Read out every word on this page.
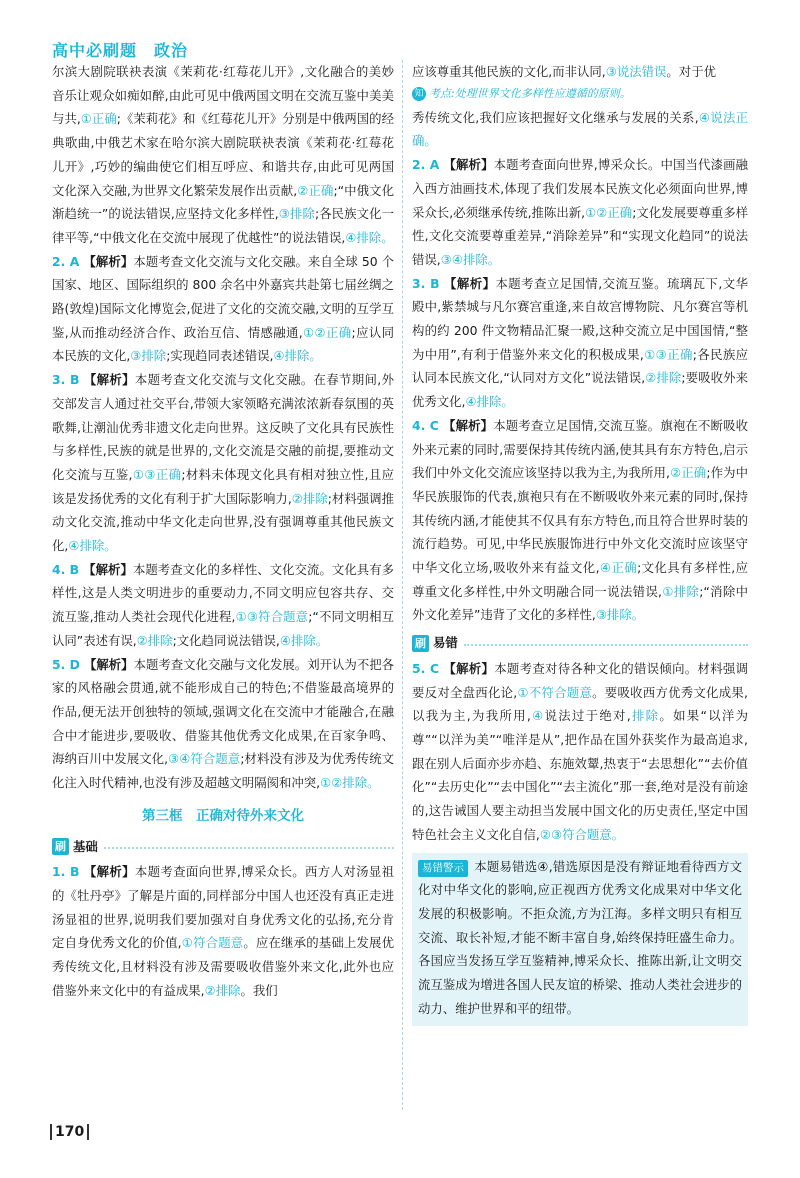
高中必刷题　政治

尔滨大剧院联袂表演《茉莉花·红莓花儿开》,文化融合的美妙音乐让观众如痴如醉,由此可见中俄两国文明在交流互鉴中美美与共,①正确;《茉莉花》和《红莓花儿开》分别是中俄两国的经典歌曲,中俄艺术家在哈尔滨大剧院联袂表演《茉莉花·红莓花儿开》,巧妙的编曲使它们相互呼应、和谐共存,由此可见两国文化深入交融,为世界文化繁荣发展作出贡献,②正确;“中俄文化渐趋统一”的说法错误,应坚持文化多样性,③排除;各民族文化一律平等,“中俄文化在交流中展现了优越性”的说法错误,④排除。

2. A 【解析】本题考查文化交流与文化交融。来自全球 50 个国家、地区、国际组织的 800 余名中外嘉宾共赴第七届丝绸之路(敦煌)国际文化博览会,促进了文化的交流交融,文明的互学互鉴,从而推动经济合作、政治互信、情感融通,①②正确;应认同本民族的文化,③排除;实现趋同表述错误,④排除。

3. B 【解析】本题考查文化交流与文化交融。在春节期间,外交部发言人通过社交平台,带领大家领略充满浓浓新春氛围的英歌舞,让潮汕优秀非遗文化走向世界。这反映了文化具有民族性与多样性,民族的就是世界的,文化交流是交融的前提,要推动文化交流与互鉴,①③正确;材料未体现文化具有相对独立性,且应该是发扬优秀的文化有利于扩大国际影响力,②排除;材料强调推动文化交流,推动中华文化走向世界,没有强调尊重其他民族文化,④排除。

4. B 【解析】本题考查文化的多样性、文化交流。文化具有多样性,这是人类文明进步的重要动力,不同文明应包容共存、交流互鉴,推动人类社会现代化进程,①③符合题意;“不同文明相互认同”表述有误,②排除;文化趋同说法错误,④排除。

5. D 【解析】本题考查文化交融与文化发展。刘开认为不把各家的风格融会贯通,就不能形成自己的特色;不借鉴最高境界的作品,便无法开创独特的领域,强调文化在交流中才能融合,在融合中才能进步,要吸收、借鉴其他优秀文化成果,在百家争鸣、海纳百川中发展文化,③④符合题意;材料没有涉及为优秀传统文化注入时代精神,也没有涉及超越文明隔阂和冲突,①②排除。

第三框　正确对待外来文化
刷 基础

1. B 【解析】本题考查面向世界,博采众长。西方人对汤显祖的《牡丹亭》了解是片面的,同样部分中国人也还没有真正走进汤显祖的世界,说明我们要加强对自身优秀文化的弘扬,充分肯定自身优秀文化的价值,①符合题意。应在继承的基础上发展优秀传统文化,且材料没有涉及需要吸收借鉴外来文化,此外也应借鉴外来文化中的有益成果,②排除。我们

应该尊重其他民族的文化,而非认同,③说法错误。对于优

知 考点:处理世界文化多样性应遵循的原则。

秀传统文化,我们应该把握好文化继承与发展的关系,④说法正确。

2. A 【解析】本题考查面向世界,博采众长。中国当代漆画融入西方油画技术,体现了我们发展本民族文化必须面向世界,博采众长,必须继承传统,推陈出新,①②正确;文化发展要尊重多样性,文化交流要尊重差异,“消除差异”和“实现文化趋同”的说法错误,③④排除。

3. B 【解析】本题考查立足国情,交流互鉴。琉璃瓦下,文华殿中,紫禁城与凡尔赛宫重逢,来自故宫博物院、凡尔赛宫等机构的约 200 件文物精品汇聚一殿,这种交流立足中国国情,“整为中用”,有利于借鉴外来文化的积极成果,①③正确;各民族应认同本民族文化,“认同对方文化”说法错误,②排除;要吸收外来优秀文化,④排除。

4. C 【解析】本题考查立足国情,交流互鉴。旗袍在不断吸收外来元素的同时,需要保持其传统内涵,使其具有东方特色,启示我们中外文化交流应该坚持以我为主,为我所用,②正确;作为中华民族服饰的代表,旗袍只有在不断吸收外来元素的同时,保持其传统内涵,才能使其不仅具有东方特色,而且符合世界时装的流行趋势。可见,中华民族服饰进行中外文化交流时应该坚守中华文化立场,吸收外来有益文化,④正确;文化具有多样性,应尊重文化多样性,中外文明融合同一说法错误,①排除;“消除中外文化差异”违背了文化的多样性,③排除。

刷 易错

5. C 【解析】本题考查对待各种文化的错误倾向。材料强调要反对全盘西化论,①不符合题意。要吸收西方优秀文化成果,以我为主,为我所用,④说法过于绝对,排除。如果“以洋为尊”“以洋为美”“唯洋是从”,把作品在国外获奖作为最高追求,跟在别人后面亦步亦趋、东施效颦,热衷于“去思想化”“去价值化”“去历史化”“去中国化”“去主流化”那一套,绝对是没有前途的,这告诫国人要主动担当发展中国文化的历史责任,坚定中国特色社会主义文化自信,②③符合题意。

易错警示 本题易错选④,错选原因是没有辩证地看待西方文化对中华文化的影响,应正视西方优秀文化成果对中华文化发展的积极影响。不拒众流,方为江海。多样文明只有相互交流、取长补短,才能不断丰富自身,始终保持旺盛生命力。各国应当发扬互学互鉴精神,博采众长、推陈出新,让文明交流互鉴成为增进各国人民友谊的桥梁、推动人类社会进步的动力、维护世界和平的纽带。
170
